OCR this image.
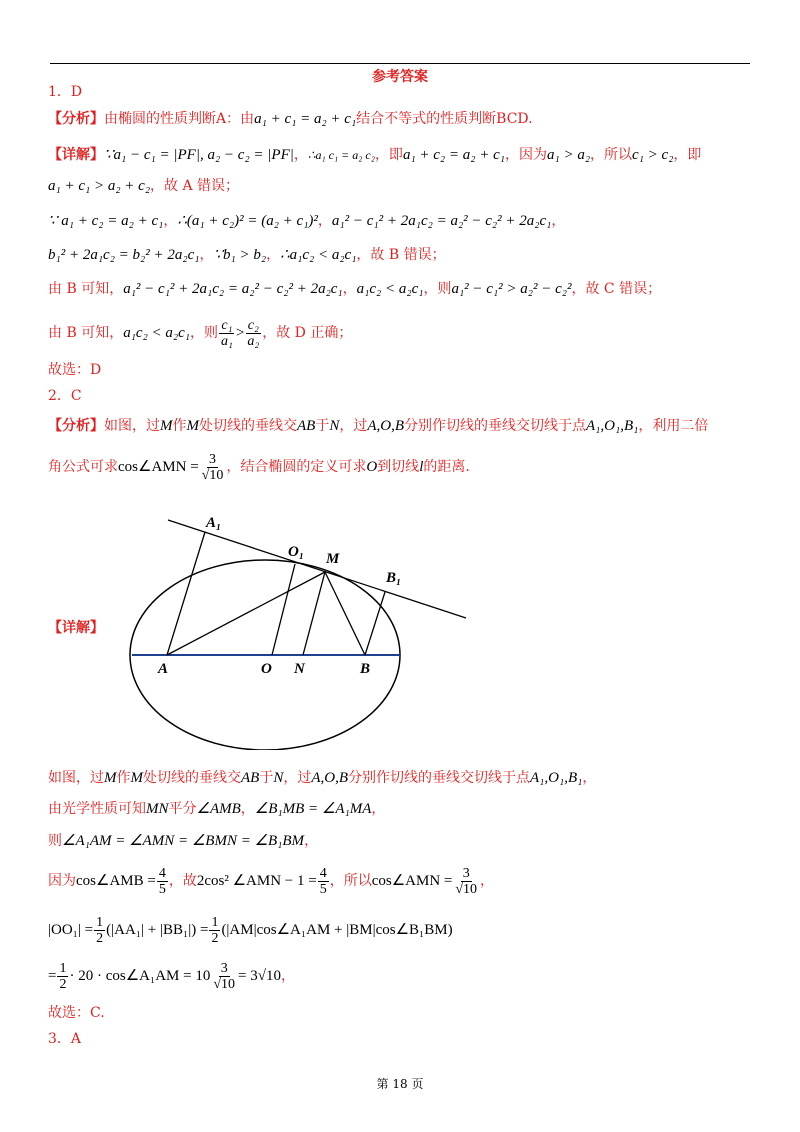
参考答案
1．D
【分析】由椭圆的性质判断A：由a₁ + c₁ = a₂ + c₁结合不等式的性质判断BCD.
【详解】∵a₁ − c₁ = |PF|, a₂ − c₂ = |PF|，∴a₁ c₁ = a₂ c₂，即a₁ + c₂ = a₂ + c₁，因为a₁ > a₂，所以c₁ > c₂，即
a₁ + c₁ > a₂ + c₂，故 A 错误；
∵ a₁ + c₂ = a₂ + c₁，∴(a₁ + c₂)² = (a₂ + c₁)²，a₁² − c₁² + 2a₁c₂ = a₂² − c₂² + 2a₂c₁，
b₁² + 2a₁c₂ = b₂² + 2a₂c₁，∵b₁ > b₂，∴a₁c₂ < a₂c₁，故 B 错误；
由 B 可知，a₁² − c₁² + 2a₁c₂ = a₂² − c₂² + 2a₂c₁，a₁c₂ < a₂c₁，则a₁² − c₁² > a₂² − c₂²，故 C 错误；
由 B 可知，a₁c₂ < a₂c₁，则 $\frac{\text{c₁}}{\text{a₁}} > \frac{\text{c₂}}{\text{a₂}}$ ，故 D 正确；
故选：D
2．C
【分析】如图，过M作M处切线的垂线交AB于N，过A,O,B分别作切线的垂线交切线于点A₁,O₁,B₁，利用二倍
角公式可求cos∠AMN = $\frac{3}{√10}$ ，结合椭圆的定义可求O到切线l的距离.
【详解】
A₁
O₁ M
B₁
A	O N	B
如图，过M作M处切线的垂线交AB于N，过A,O,B分别作切线的垂线交切线于点A₁,O₁,B₁，
由光学性质可知MN平分∠AMB，∠B₁MB = ∠A₁MA，
则∠A₁AM = ∠AMN = ∠BMN = ∠B₁BM，
因为cos∠AMB = $\frac{4}{5}$ ，故2cos² ∠AMN − $1 = \frac{4}{5}$ ，所以cos∠AMN = $\frac{3}{√10}$ ，
$|OO_1| = \frac{1}{2} (|AA_1| + |BB_1|) = \frac{1}{2}$ (|AM|cos∠A₁AM + |BM|cos∠B₁BM)
= $\frac{1}{2} \cdot 20$ · cos∠A₁AM = $10 \frac{3}{√10} = 3√10$，
故选：C.
3．A
第 18 页
